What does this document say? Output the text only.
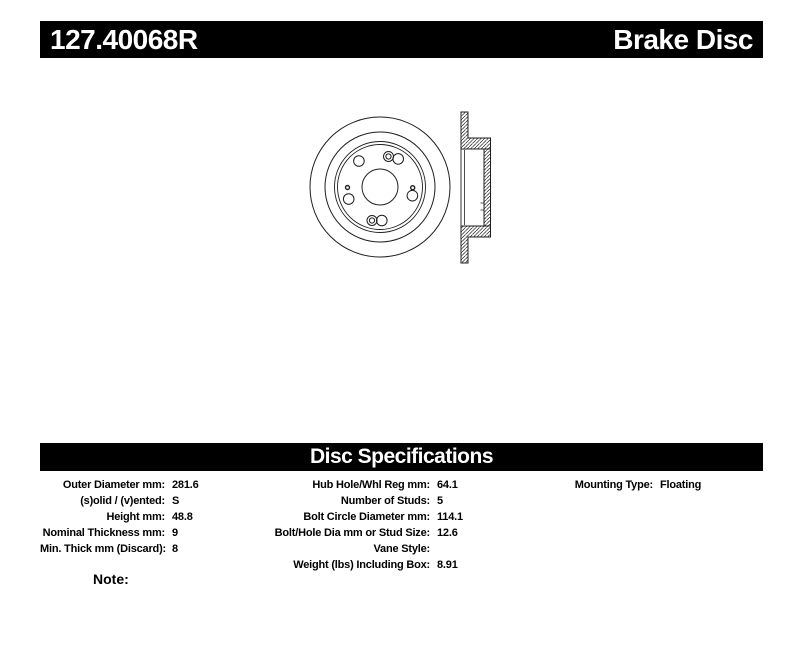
127.40068R	Brake Disc
Disc Specifications
Outer Diameter mm: 281.6
(s)olid / (v)ented: S
Height mm: 48.8
Nominal Thickness mm: 9
Min. Thick mm (Discard): 8
Hub Hole/Whl Reg mm: 64.1
Number of Studs: 5
Bolt Circle Diameter mm: 114.1
Bolt/Hole Dia mm or Stud Size: 12.6
Vane Style:
Weight (lbs) Including Box: 8.91
Mounting Type: Floating
Note:
